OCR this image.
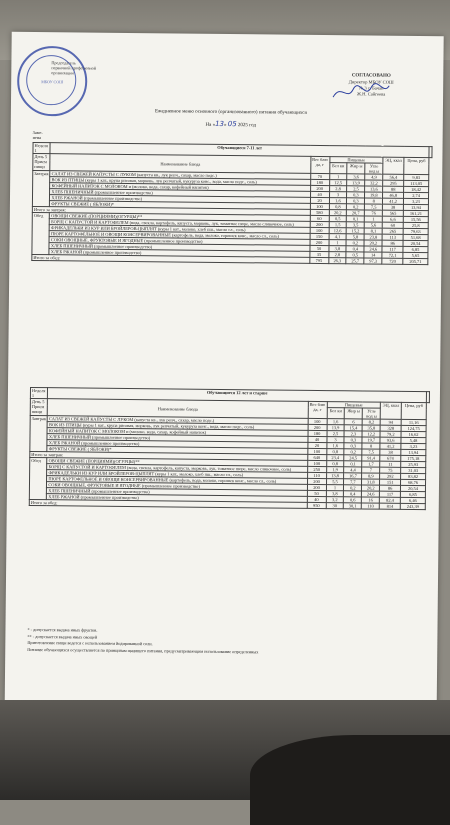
МБОУ СОШ
Председатель
первичной профсоюзной
организации
СОГЛАСОВАНО
Директор МБОУ СОШ
№ 3 с. Бачан
Ж.Н. Сайгеева
Ежедневное меню основного (организованного) питания обучающихся
На «13» 05 2025 год
Заме-
нена
Неделя 1	Обучающиеся 7-11 лет							

День 5
Прием пищи	Наименование блюда	Вес блю да, г	Пищевые			ЭЦ, ккал	Цена, руб	
			Бел ки	Жир ы	Угле вод ы			
Завтрак	САЛАТ ИЗ СВЕЖЕЙ КАПУСТЫ С ЛУКОМ (капуста кв., лук репч., сахар, масло подс.)	70	1	3,6	4,9	56,4	9,83	
	ВОК ИЗ ПТИЦЫ (куры 1 кат., крупа рисовая, морковь, лук репчатый, кукуруза конс., вода, масло подс., соль)	180	12,5	13,9	32,2	295	113,05	
	КОФЕЙНЫЙ НАПИТОК С МОЛОКОМ и (молоко, вода, сахар, кофейный напиток)	200	2,8	2,5	13,6	88	18,42	
	ХЛЕБ ПШЕНИЧНЫЙ (промышленное производство)	40	3	0,3	19,8	46,8	2,74	
	ХЛЕБ РЖАНОЙ (промышленное производство)	20	1,6	0,3	8	41,2	3,23	
	ФРУКТЫ СВЕЖИЕ ( ЯБЛОКИ)*	100	0,8	0,2	7,5	38	13,94	
Итого за завтрак:		580	20,2	20,7	76	565	161,21	
Обед	ОВОЩИ СВЕЖИЕ (ПОРЦИЯМИ)(ОГУРЦЫ)**	60	0,5	0,1	1	6,6	15,56	
	БОРЩ С КАПУСТОЙ И КАРТОФЕЛЕМ (вода, свекла, картофель, капуста, морковь, лук, томатное пюре, масло сливочное, соль)	200	1,5	3,5	5,6	60	25,8	
	ФРИКАДЕЛЬКИ ИЗ КУР ИЛИ БРОЙЛЕРОВ-ЦЫПЛЯТ (куры 1 кат., молоко, хлеб пш., масло сл., соль)	100	12,6	15,2	8,1	265	79,63	
	ПЮРЕ КАРТОФЕЛЬНОЕ И ОВОЩИ КОНСЕРВИРОВАННЫЕ (картофель, вода, молоко, горошек конс., масло сл., соль)	150	4,1	5,8	23,8	113	51,68	
	СОКИ ОВОЩНЫЕ, ФРУКТОВЫЕ И ЯГОДНЫЕ (промышленное производство)	200	1	0,2	20,2	86	20,54	
	ХЛЕБ ПШЕНИЧНЫЙ (промышленное производство)	50	3,8	0,4	24,6	117	6,85	
	ХЛЕБ РЖАНОЙ (промышленное производство)	35	2,8	0,5	14	72,1	5,65	
Итого за обед:		795	26,3	25,7	97,3	720	205,71	
Неделя 1	Обучающиеся 12 лет и старше							

День 5
Прием пищи	Наименование блюда	Вес блю да, г	Пищевые			ЭЦ, ккал	Цена, руб	
			Бел ки	Жир ы	Угле вод ы			
Завтрак	САЛАТ ИЗ СВЕЖЕЙ КАПУСТЫ С ЛУКОМ (капуста кв., лук репч., сахар, масло подс.)	100	1,6	6	8,2	94	11,16	
	ВОК ИЗ ПТИЦЫ (куры 1 кат., крупа рисовая, морковь, лук репчатый, кукуруза конс., вода, масло подс., соль)	200	13,9	15,4	35,8	328	124,75	
	КОФЕЙНЫЙ НАПИТОК С МОЛОКОМ и (молоко, вода, сахар, кофейный напиток)	180	2,5	2,3	12,2	79,2	16,62	
	ХЛЕБ ПШЕНИЧНЫЙ (промышленное производство)	40	3	0,3	19,7	93,6	5,48	
	ХЛЕБ РЖАНОЙ (промышленное производство)	20	1,6	0,3	8	41,2	3,23	
	ФРУКТЫ СВЕЖИЕ ( ЯБЛОКИ)*	100	0,8	0,2	7,5	38	13,94	
Итого за завтрак:		640	23,4	24,5	91,4	674	175,18	
Обед	ОВОЩИ СВЕЖИЕ (ПОРЦИЯМИ)(ОГУРЦЫ)**	100	0,8	0,1	1,7	11	25,93	
	БОРЩ С КАПУСТОЙ И КАРТОФЕЛЕМ (вода, свекла, картофель, капуста, морковь, лук, томатное пюре, масло сливочное, соль)	250	1,9	4,4	7	75	31,03	
	ФРИКАДЕЛЬКИ ИЗ КУР ИЛИ БРОЙЛЕРОВ-ЦЫПЛЯТ (куры 1 кат., молоко, хлеб пш., масло сл., соль)	110	13,8	16,7	8,9	292	83,82	
	ПЮРЕ КАРТОФЕЛЬНОЕ И ОВОЩИ КОНСЕРВИРОВАННЫЕ (картофель, вода, молоко, горошек конс., масло сл., соль)	200	5,5	7,7	31,8	151	68,76	
	СОКИ ОВОЩНЫЕ, ФРУКТОВЫЕ И ЯГОДНЫЕ (промышленное производство)	200	1	0,2	20,2	86	20,54	
	ХЛЕБ ПШЕНИЧНЫЙ (промышленное производство)	50	3,8	0,4	24,6	117	6,85	
	ХЛЕБ РЖАНОЙ (промышленное производство)	40	3,2	0,6	16	82,4	6,46	
Итого за обед:		950	30	30,1	110	814	243,39	
* - допускается выдача иных фруктов.
** - допускается выдача иных овощей
Приготовление пищи ведется с использованием йодированной соли.
Питание обучающихся осуществляется по принципам щадящего питания, предусматривающим использование определенных
